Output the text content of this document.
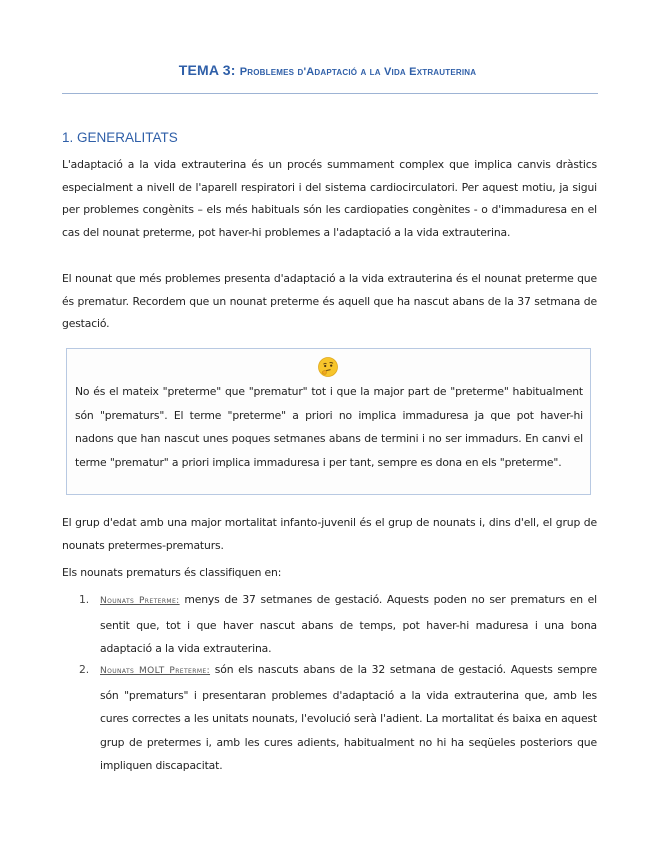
TEMA 3: Problemes d'Adaptació a la Vida Extrauterina
1. GENERALITATS

L'adaptació a la vida extrauterina és un procés summament complex que implica canvis dràstics especialment a nivell de l'aparell respiratori i del sistema cardiocirculatori. Per aquest motiu, ja sigui per problemes congènits – els més habituals són les cardiopaties congènites - o d'immaduresa en el cas del nounat preterme, pot haver-hi problemes a l'adaptació a la vida extrauterina.

El nounat que més problemes presenta d'adaptació a la vida extrauterina és el nounat preterme que és prematur. Recordem que un nounat preterme és aquell que ha nascut abans de la 37 setmana de gestació.

No és el mateix "preterme" que "prematur" tot i que la major part de "preterme" habitualment són "prematurs". El terme "preterme" a priori no implica immaduresa ja que pot haver-hi nadons que han nascut unes poques setmanes abans de termini i no ser immadurs. En canvi el terme "prematur" a priori implica immaduresa i per tant, sempre es dona en els "preterme".

El grup d'edat amb una major mortalitat infanto-juvenil és el grup de nounats i, dins d'ell, el grup de nounats pretermes-prematurs.

Els nounats prematurs és classifiquen en:

1. Nounats Preterme: menys de 37 setmanes de gestació. Aquests poden no ser prematurs en el sentit que, tot i que haver nascut abans de temps, pot haver-hi maduresa i una bona adaptació a la vida extrauterina.
2. Nounats MOLT Preterme: són els nascuts abans de la 32 setmana de gestació. Aquests sempre són "prematurs" i presentaran problemes d'adaptació a la vida extrauterina que, amb les cures correctes a les unitats nounats, l'evolució serà l'adient. La mortalitat és baixa en aquest grup de pretermes i, amb les cures adients, habitualment no hi ha seqüeles posteriors que impliquen discapacitat.
